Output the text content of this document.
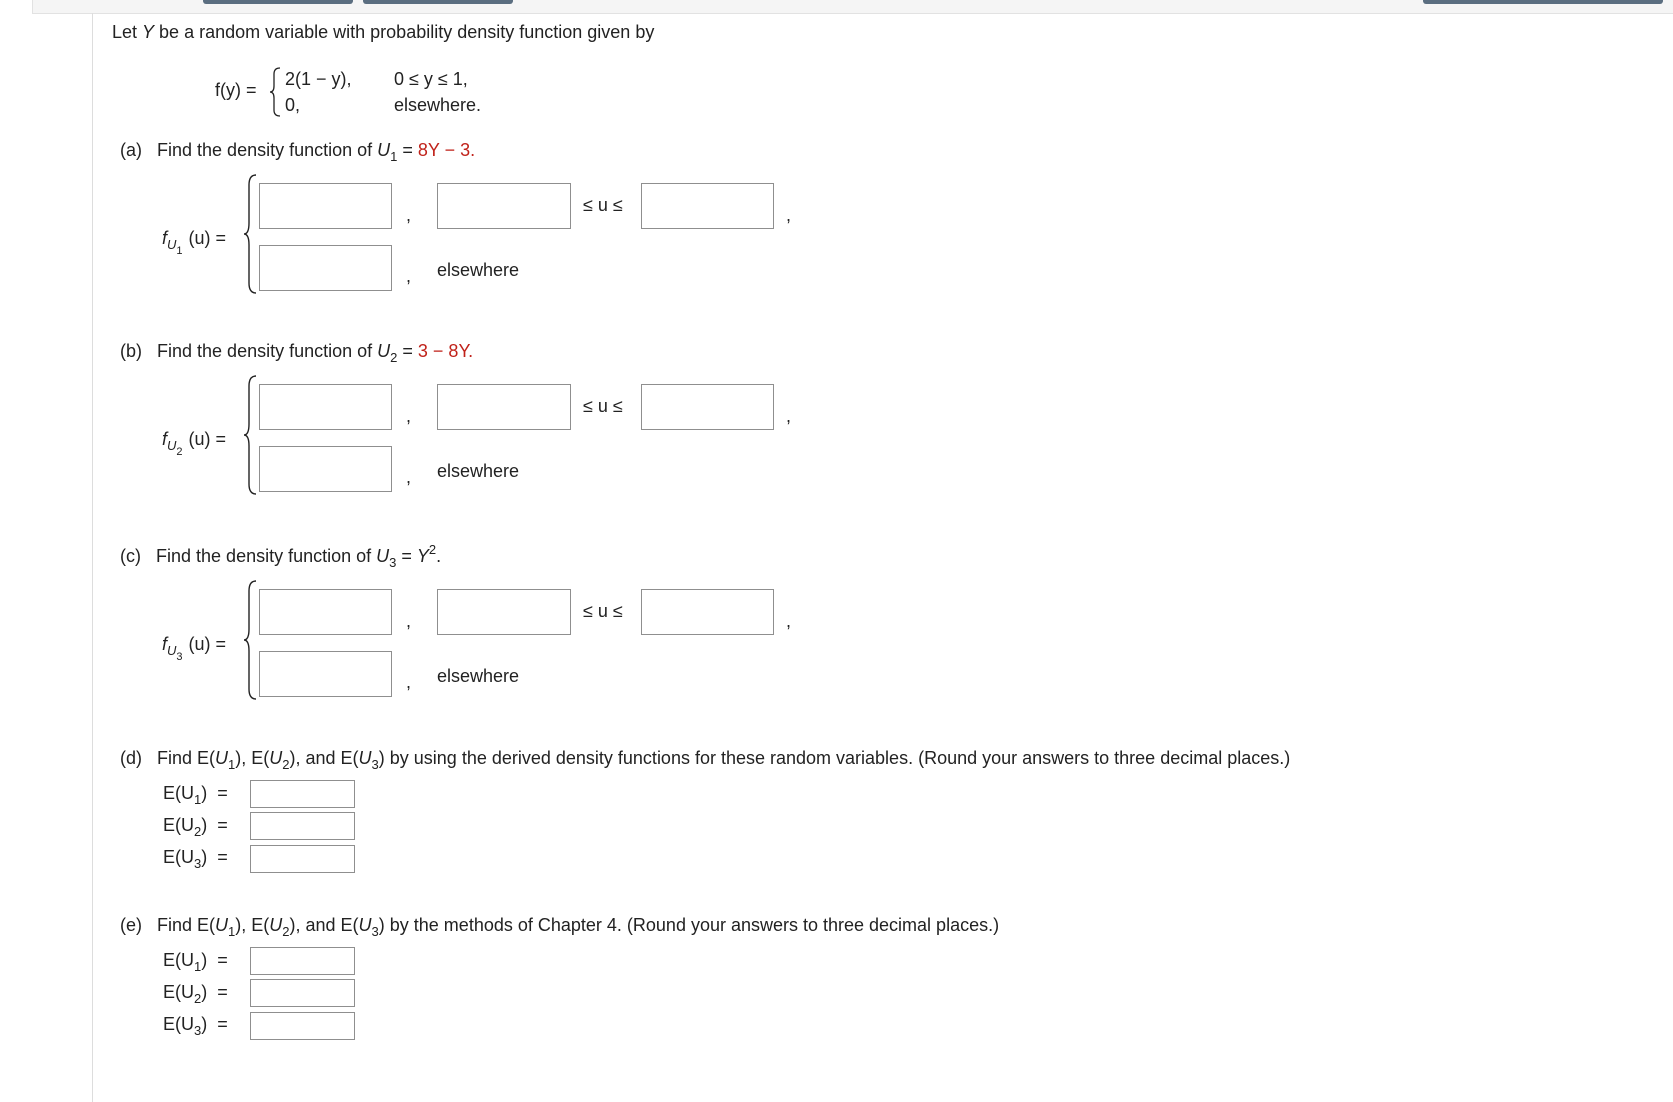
Let Y be a random variable with probability density function given by
f(y) =
2(1 − y), 0 ≤ y ≤ 1,
0,	elsewhere.
(a) Find the density function of $U_1 = 8Y - 3$.
$f_{U_1}(u)$ =
,	≤ u ≤	,
, elsewhere
(b) Find the density function of $U_2 = 3 - 8Y$.
$f_{U_2}(u)$ =
,	≤ u ≤	,
, elsewhere
(c) Find the density function of $U_3 = Y^2$.
$f_{U_3}(u)$ =
,	≤ u ≤	,
, elsewhere
(d) Find $E(U_1)$, $E(U_2)$, and $E(U_3)$ by using the derived density functions for these random variables. (Round your answers to three decimal places.)
$E(U_1)$ =
$E(U_2)$ =
$E(U_3)$ =
(e) Find $E(U_1)$, $E(U_2)$, and $E(U_3)$ by the methods of Chapter 4. (Round your answers to three decimal places.)
$E(U_1)$ =
$E(U_2)$ =
$E(U_3)$ =
